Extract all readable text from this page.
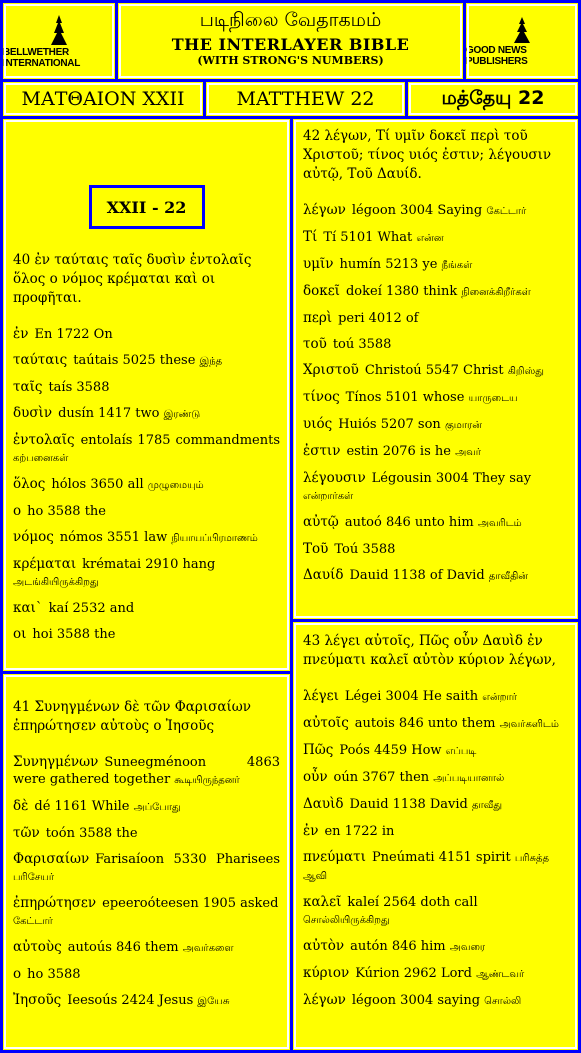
BELLWETHER INTERNATIONAL
படிநிலை வேதாகமம்
THE INTERLAYER BIBLE
(WITH STRONG'S NUMBERS)
GOOD NEWS PUBLISHERS
ΜΑΤΘΑΙΟΝ XXII	MATTHEW 22	மத்தேயு 22
XXII - 22
40 ἐν ταύταις ταῖς δυσὶν ἐντολαῖς ὅλος ο νόμος κρέμαται καὶ οι προφῆται.
ἐν En 1722 On
ταύταις taútais 5025 these இந்த
ταῖς taís 3588
δυσὶν dusín 1417 two இரண்டு
ἐντολαῖς entolaís 1785 commandments கற்பனைகள்
ὅλος hólos 3650 all முழுமையும்
ο ho 3588 the
νόμος nómos 3551 law நியாயப்பிரமாணம்
κρέμαται krématai 2910 hang அடங்கியிருக்கிறது
και` kaí 2532 and
οι hoi 3588 the
41 Συνηγμένων δὲ τῶν Φαρισαίων ἐπηρώτησεν αὐτοὺς ο Ἰησοῦς
Συνηγμένων Suneegménoon 4863 were gathered together கூடியிருந்தனர்
δὲ dé 1161 While அப்போது
τῶν toón 3588 the
Φαρισαίων Farisaíoon 5330 Pharisees பரிசேயர்
ἐπηρώτησεν epeeroóteesen 1905 asked கேட்டார்
αὐτοὺς autoús 846 them அவர்களை
ο ho 3588
Ἰησοῦς Ieesoús 2424 Jesus இயேசு
42 λέγων, Τί υμῖν δοκεῖ περὶ τοῦ Χριστοῦ; τίνος υιός ἐστιν; λέγουσιν αὐτῷ, Τοῦ Δαυίδ.
λέγων légoon 3004 Saying கேட்டார்
Τί Tí 5101 What என்ன
υμῖν humín 5213 ye நீங்கள்
δοκεῖ dokeí 1380 think நினைக்கிறீர்கள்
περὶ peri 4012 of
τοῦ toú 3588
Χριστοῦ Christoú 5547 Christ கிறிஸ்து
τίνος Tínos 5101 whose யாருடைய
υιός Huiós 5207 son குமாரன்
ἐστιν estin 2076 is he அவர்
λέγουσιν Légousin 3004 They say என்றார்கள்
αὐτῷ autoó 846 unto him அவரிடம்
Τοῦ Toú 3588
Δαυίδ Dauid 1138 of David தாவீதின்
43 λέγει αὐτοῖς, Πῶς οὖν Δαυὶδ ἐν πνεύματι καλεῖ αὐτὸν κύριον λέγων,
λέγει Légei 3004 He saith என்றார்
αὐτοῖς autois 846 unto them அவர்களிடம்
Πῶς Poós 4459 How எப்படி
οὖν oún 3767 then அப்படியானால்
Δαυὶδ Dauid 1138 David தாவீது
ἐν en 1722 in
πνεύματι Pneúmati 4151 spirit பரிசுத்த ஆவி
καλεῖ kaleí 2564 doth call சொல்லியிருக்கிறது
αὐτὸν autón 846 him அவரை
κύριον Kúrion 2962 Lord ஆண்டவர்
λέγων légoon 3004 saying சொல்லி
